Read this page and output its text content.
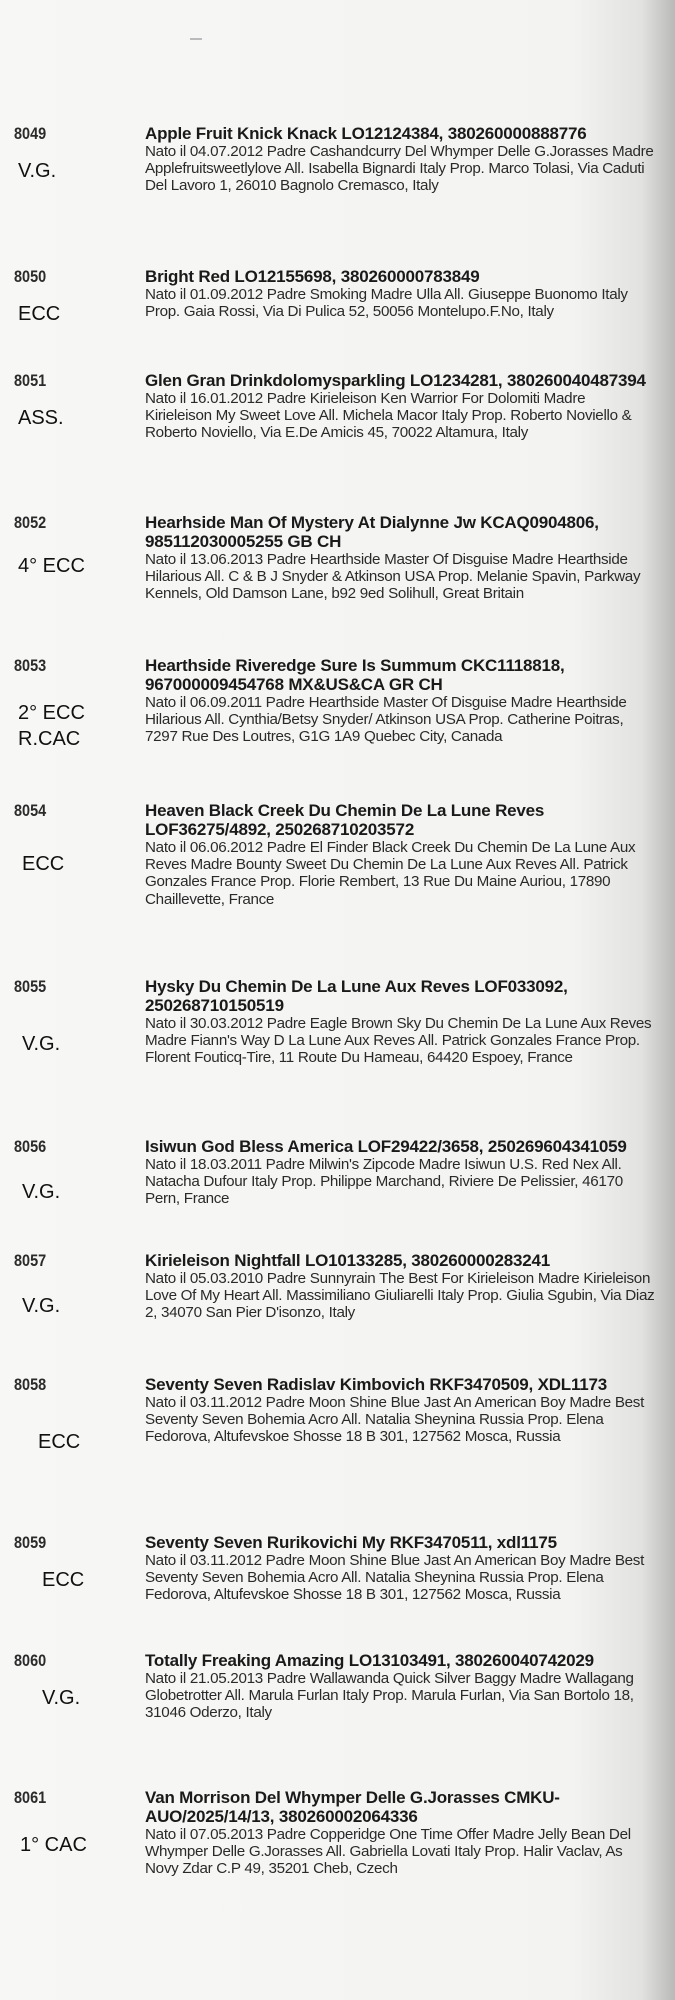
8049
V.G.
Apple Fruit Knick Knack LO12124384, 380260000888776
Nato il 04.07.2012 Padre Cashandcurry Del Whymper Delle G.Jorasses Madre Applefruitsweetlylove All. Isabella Bignardi Italy Prop. Marco Tolasi, Via Caduti Del Lavoro 1, 26010 Bagnolo Cremasco, Italy
8050
ECC
Bright Red LO12155698, 380260000783849
Nato il 01.09.2012 Padre Smoking Madre Ulla All. Giuseppe Buonomo Italy Prop. Gaia Rossi, Via Di Pulica 52, 50056 Montelupo.F.No, Italy
8051
ASS.
Glen Gran Drinkdolomysparkling LO1234281, 380260040487394
Nato il 16.01.2012 Padre Kirieleison Ken Warrior For Dolomiti Madre Kirieleison My Sweet Love All. Michela Macor Italy Prop. Roberto Noviello & Roberto Noviello, Via E.De Amicis 45, 70022 Altamura, Italy
8052
4° ECC
Hearhside Man Of Mystery At Dialynne Jw KCAQ0904806, 985112030005255 GB CH
Nato il 13.06.2013 Padre Hearthside Master Of Disguise Madre Hearthside Hilarious All. C & B J Snyder & Atkinson USA Prop. Melanie Spavin, Parkway Kennels, Old Damson Lane, b92 9ed Solihull, Great Britain
8053
2° ECC
R.CAC
Hearthside Riveredge Sure Is Summum CKC1118818, 967000009454768 MX&US&CA GR CH
Nato il 06.09.2011 Padre Hearthside Master Of Disguise Madre Hearthside Hilarious All. Cynthia/Betsy Snyder/ Atkinson USA Prop. Catherine Poitras, 7297 Rue Des Loutres, G1G 1A9 Quebec City, Canada
8054
ECC
Heaven Black Creek Du Chemin De La Lune Reves LOF36275/4892, 250268710203572
Nato il 06.06.2012 Padre El Finder Black Creek Du Chemin De La Lune Aux Reves Madre Bounty Sweet Du Chemin De La Lune Aux Reves All. Patrick Gonzales France Prop. Florie Rembert, 13 Rue Du Maine Auriou, 17890 Chaillevette, France
8055
V.G.
Hysky Du Chemin De La Lune Aux Reves LOF033092, 250268710150519
Nato il 30.03.2012 Padre Eagle Brown Sky Du Chemin De La Lune Aux Reves Madre Fiann's Way D La Lune Aux Reves All. Patrick Gonzales France Prop. Florent Fouticq-Tire, 11 Route Du Hameau, 64420 Espoey, France
8056
V.G.
Isiwun God Bless America LOF29422/3658, 250269604341059
Nato il 18.03.2011 Padre Milwin's Zipcode Madre Isiwun U.S. Red Nex All. Natacha Dufour Italy Prop. Philippe Marchand, Riviere De Pelissier, 46170 Pern, France
8057
V.G.
Kirieleison Nightfall LO10133285, 380260000283241
Nato il 05.03.2010 Padre Sunnyrain The Best For Kirieleison Madre Kirieleison Love Of My Heart All. Massimiliano Giuliarelli Italy Prop. Giulia Sgubin, Via Diaz 2, 34070 San Pier D'isonzo, Italy
8058
ECC
Seventy Seven Radislav Kimbovich RKF3470509, XDL1173
Nato il 03.11.2012 Padre Moon Shine Blue Jast An American Boy Madre Best Seventy Seven Bohemia Acro All. Natalia Sheynina Russia Prop. Elena Fedorova, Altufevskoe Shosse 18 B 301, 127562 Mosca, Russia
8059
ECC
Seventy Seven Rurikovichi My RKF3470511, xdl1175
Nato il 03.11.2012 Padre Moon Shine Blue Jast An American Boy Madre Best Seventy Seven Bohemia Acro All. Natalia Sheynina Russia Prop. Elena Fedorova, Altufevskoe Shosse 18 B 301, 127562 Mosca, Russia
8060
V.G.
Totally Freaking Amazing LO13103491, 380260040742029
Nato il 21.05.2013 Padre Wallawanda Quick Silver Baggy Madre Wallagang Globetrotter All. Marula Furlan Italy Prop. Marula Furlan, Via San Bortolo 18, 31046 Oderzo, Italy
8061
1° CAC
Van Morrison Del Whymper Delle G.Jorasses CMKU-AUO/2025/14/13, 380260002064336
Nato il 07.05.2013 Padre Copperidge One Time Offer Madre Jelly Bean Del Whymper Delle G.Jorasses All. Gabriella Lovati Italy Prop. Halir Vaclav, As Novy Zdar C.P 49, 35201 Cheb, Czech
